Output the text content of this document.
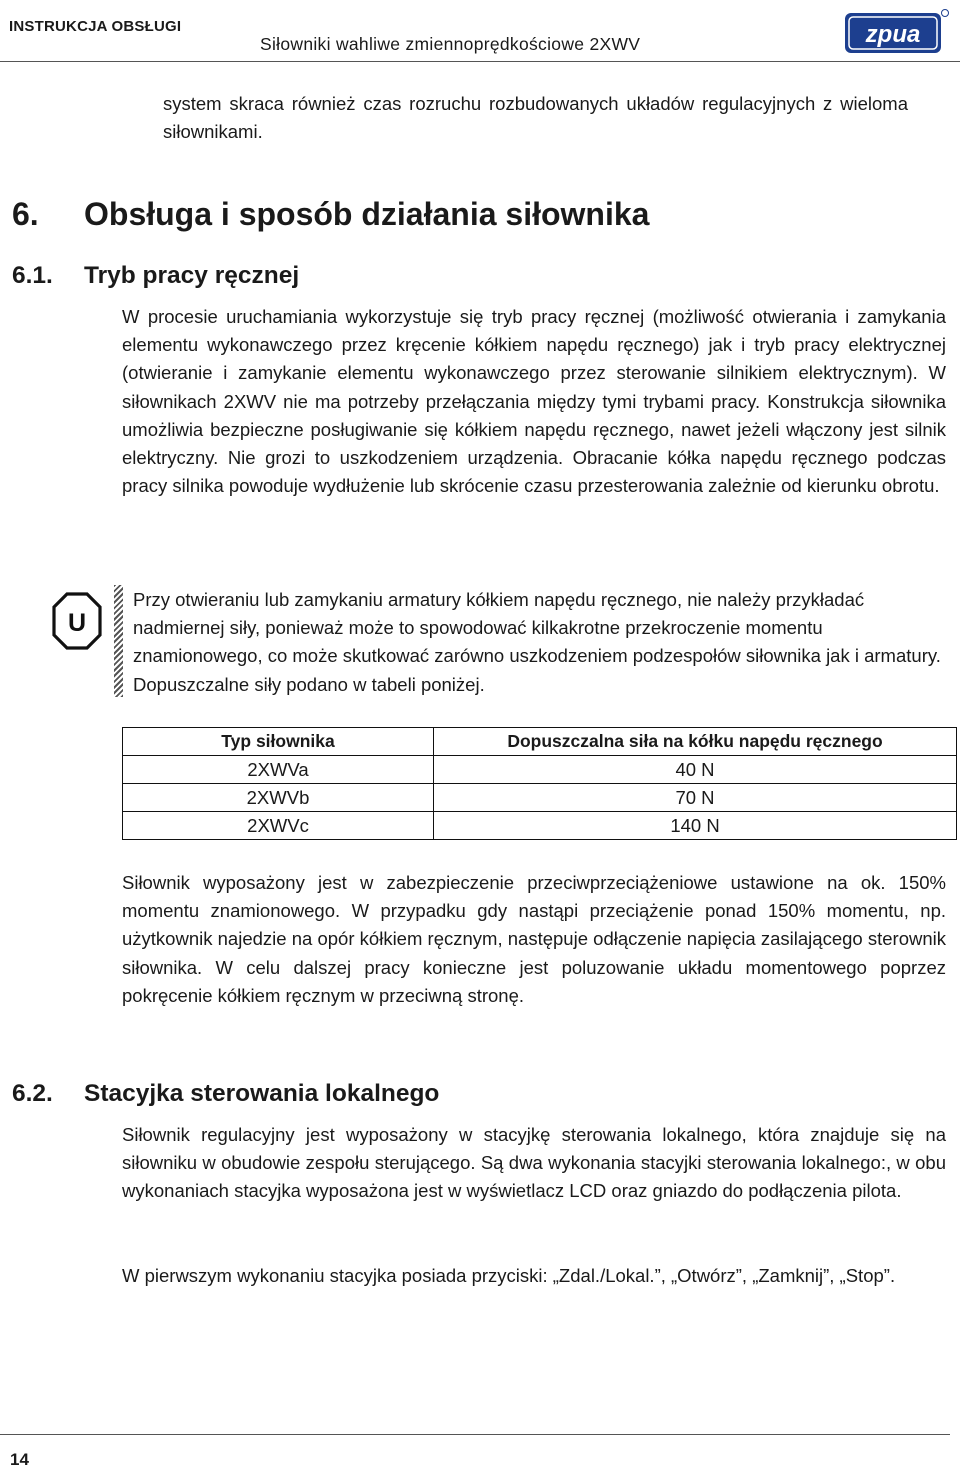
INSTRUKCJA OBSŁUGI
Siłowniki wahliwe zmiennoprędkościowe 2XWV	zpua

system skraca również czas rozruchu rozbudowanych układów regulacyjnych z wieloma siłownikami.

6. Obsługa i sposób działania siłownika
6.1. Tryb pracy ręcznej

W procesie uruchamiania wykorzystuje się tryb pracy ręcznej (możliwość otwierania i zamykania elementu wykonawczego przez kręcenie kółkiem napędu ręcznego) jak i tryb pracy elektrycznej (otwieranie i zamykanie elementu wykonawczego przez sterowanie silnikiem elektrycznym). W siłownikach 2XWV nie ma potrzeby przełączania między tymi trybami pracy. Konstrukcja siłownika umożliwia bezpieczne posługiwanie się kółkiem napędu ręcznego, nawet jeżeli włączony jest silnik elektryczny. Nie grozi to uszkodzeniem urządzenia. Obracanie kółka napędu ręcznego podczas pracy silnika powoduje wydłużenie lub skrócenie czasu przesterowania zależnie od kierunku obrotu.

U

Przy otwieraniu lub zamykaniu armatury kółkiem napędu ręcznego, nie należy przykładać nadmiernej siły, ponieważ może to spowodować kilkakrotne przekroczenie momentu znamionowego, co może skutkować zarówno uszkodzeniem podzespołów siłownika jak i armatury. Dopuszczalne siły podano w tabeli poniżej.

Typ siłownika	Dopuszczalna siła na kółku napędu ręcznego
2XWVa	40 N
2XWVb	70 N
2XWVc	140 N

Siłownik wyposażony jest w zabezpieczenie przeciwprzeciążeniowe ustawione na ok. 150% momentu znamionowego. W przypadku gdy nastąpi przeciążenie ponad 150% momentu, np. użytkownik najedzie na opór kółkiem ręcznym, następuje odłączenie napięcia zasilającego sterownik siłownika. W celu dalszej pracy konieczne jest poluzowanie układu momentowego poprzez pokręcenie kółkiem ręcznym w przeciwną stronę.

6.2. Stacyjka sterowania lokalnego

Siłownik regulacyjny jest wyposażony w stacyjkę sterowania lokalnego, która znajduje się na siłowniku w obudowie zespołu sterującego. Są dwa wykonania stacyjki sterowania lokalnego:, w obu wykonaniach stacyjka wyposażona jest w wyświetlacz LCD oraz gniazdo do podłączenia pilota.

W pierwszym wykonaniu stacyjka posiada przyciski: „Zdal./Lokal.”, „Otwórz”, „Zamknij”, „Stop”.

14
